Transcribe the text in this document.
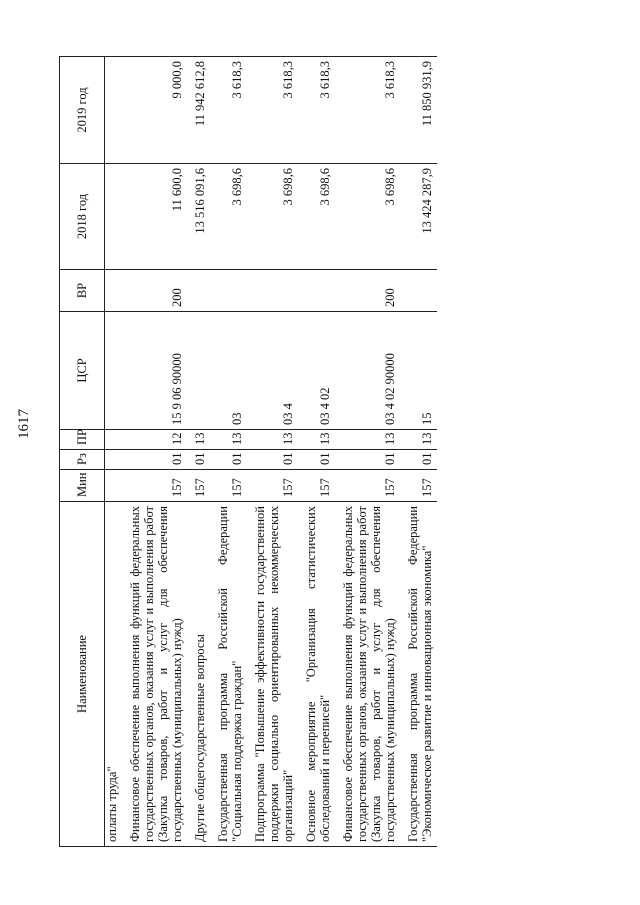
1617
Наименование	Мин	Рз	ПР	ЦСР	ВР	2018 год	2019 год
оплаты труда"							
Финансовое обеспечение выполнения функций федеральных государственных органов, оказания услуг и выполнения работ (Закупка товаров, работ и услуг для обеспечения государственных (муниципальных) нужд)	157	01	12	15 9 06 90000	200	11 600,0	9 000,0
Другие общегосударственные вопросы	157	01	13			13 516 091,6	11 942 612,8
Государственная программа Российской Федерации "Социальная поддержка граждан"	157	01	13	03		3 698,6	3 618,3
Подпрограмма "Повышение эффективности государственной поддержки социально ориентированных некоммерческих организаций"	157	01	13	03 4		3 698,6	3 618,3
Основное мероприятие "Организация статистических обследований и переписей"	157	01	13	03 4 02		3 698,6	3 618,3
Финансовое обеспечение выполнения функций федеральных государственных органов, оказания услуг и выполнения работ (Закупка товаров, работ и услуг для обеспечения государственных (муниципальных) нужд)	157	01	13	03 4 02 90000	200	3 698,6	3 618,3
Государственная программа Российской Федерации "Экономическое развитие и инновационная экономика"	157	01	13	15		13 424 287,9	11 850 931,9
